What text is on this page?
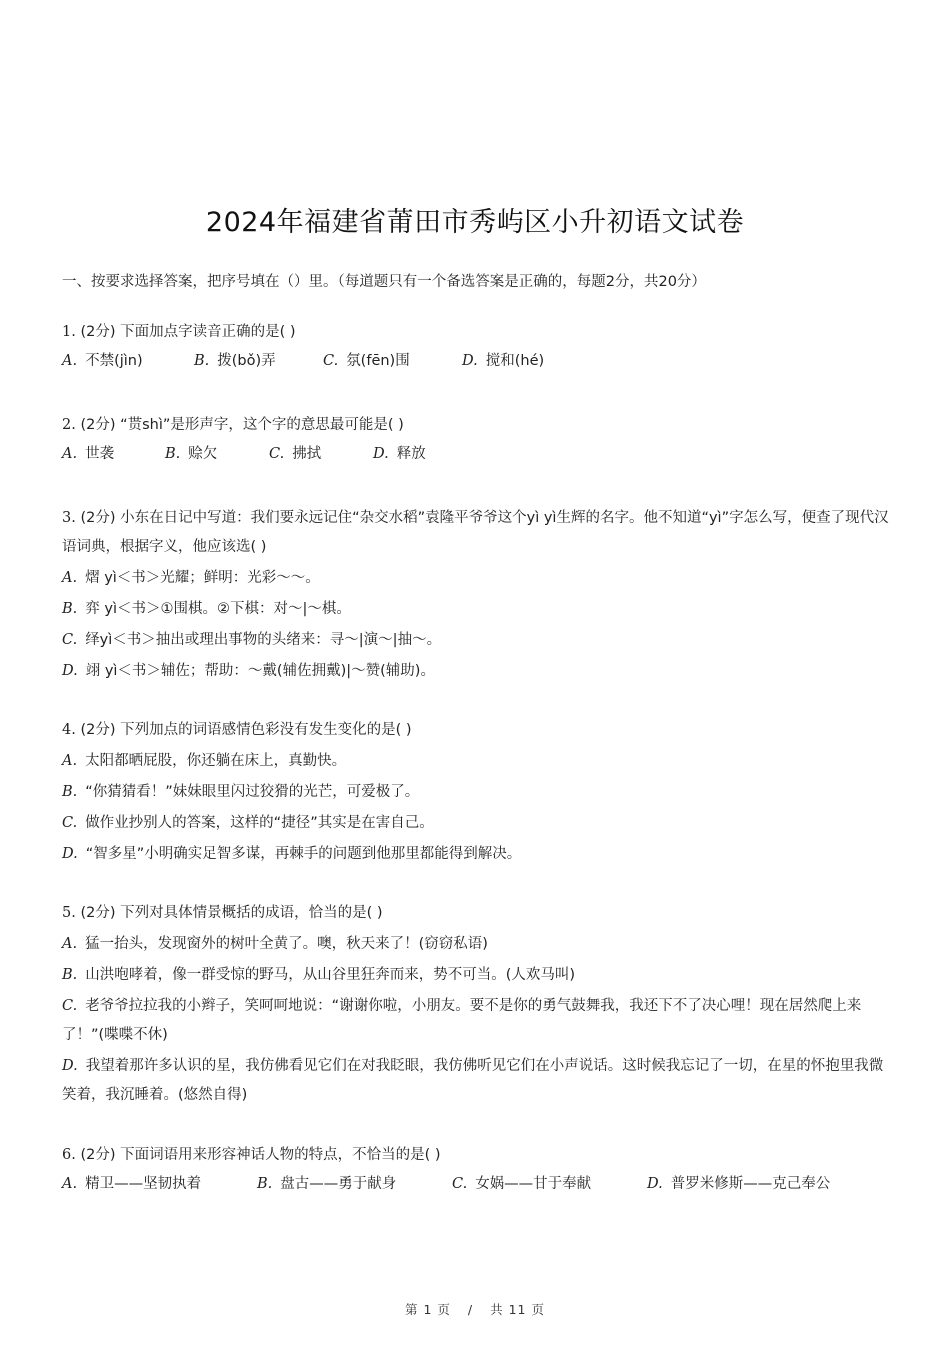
2024年福建省莆田市秀屿区小升初语文试卷
一、按要求选择答案，把序号填在（）里。（每道题只有一个备选答案是正确的，每题2分，共20分）
1. (2分) 下面加点字读音正确的是( )
A. 不禁(jìn)	B. 拨(bǒ)弄	C. 氛(fēn)围	D. 搅和(hé)
2. (2分) “贳shì”是形声字，这个字的意思最可能是( )
A. 世袭	B. 赊欠	C. 拂拭	D. 释放
3. (2分) 小东在日记中写道：我们要永远记住“杂交水稻”袁隆平爷爷这个yì yì生辉的名字。他不知道“yì”字怎么写，便查了现代汉语词典，根据字义，他应该选( )
A. 熠 yì＜书＞光耀；鲜明：光彩～～。
B. 弈 yì＜书＞①围棋。②下棋：对～|～棋。
C. 绎yì＜书＞抽出或理出事物的头绪来：寻～|演～|抽～。
D. 翊 yì＜书＞辅佐；帮助：～戴(辅佐拥戴)|～赞(辅助)。
4. (2分) 下列加点的词语感情色彩没有发生变化的是( )
A. 太阳都晒屁股，你还躺在床上，真勤快。
B. “你猜猜看！”妹妹眼里闪过狡猾的光芒，可爱极了。
C. 做作业抄别人的答案，这样的“捷径”其实是在害自己。
D. “智多星”小明确实足智多谋，再棘手的问题到他那里都能得到解决。
5. (2分) 下列对具体情景概括的成语，恰当的是( )
A. 猛一抬头，发现窗外的树叶全黄了。噢，秋天来了！(窃窃私语)
B. 山洪咆哮着，像一群受惊的野马，从山谷里狂奔而来，势不可当。(人欢马叫)
C. 老爷爷拉拉我的小辫子，笑呵呵地说：“谢谢你啦，小朋友。要不是你的勇气鼓舞我，我还下不了决心哩！现在居然爬上来了！”(喋喋不休)
D. 我望着那许多认识的星，我仿佛看见它们在对我眨眼，我仿佛听见它们在小声说话。这时候我忘记了一切，在星的怀抱里我微笑着，我沉睡着。(悠然自得)
6. (2分) 下面词语用来形容神话人物的特点，不恰当的是( )
A. 精卫——坚韧执着	B. 盘古——勇于献身	C. 女娲——甘于奉献	D. 普罗米修斯——克己奉公
第 1 页 / 共 11 页
